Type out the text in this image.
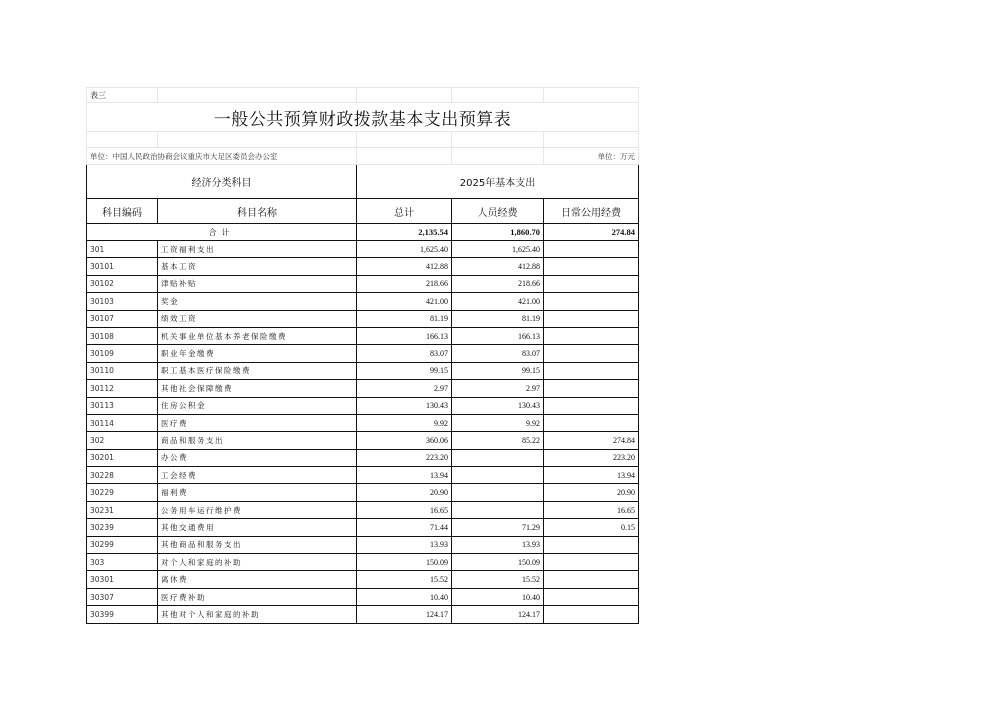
表三				
一般公共预算财政拨款基本支出预算表				

单位：中国人民政治协商会议重庆市大足区委员会办公室				单位：万元
经济分类科目		2025年基本支出		
科目编码	科目名称	总计	人员经费	日常公用经费
合计		2,135.54	1,860.70	274.84
301	工资福利支出	1,625.40	1,625.40	
30101	基本工资	412.88	412.88	
30102	津贴补贴	218.66	218.66	
30103	奖金	421.00	421.00	
30107	绩效工资	81.19	81.19	
30108	机关事业单位基本养老保险缴费	166.13	166.13	
30109	职业年金缴费	83.07	83.07	
30110	职工基本医疗保险缴费	99.15	99.15	
30112	其他社会保障缴费	2.97	2.97	
30113	住房公积金	130.43	130.43	
30114	医疗费	9.92	9.92	
302	商品和服务支出	360.06	85.22	274.84
30201	办公费	223.20		223.20
30228	工会经费	13.94		13.94
30229	福利费	20.90		20.90
30231	公务用车运行维护费	16.65		16.65
30239	其他交通费用	71.44	71.29	0.15
30299	其他商品和服务支出	13.93	13.93	
303	对个人和家庭的补助	150.09	150.09	
30301	离休费	15.52	15.52	
30307	医疗费补助	10.40	10.40	
30399	其他对个人和家庭的补助	124.17	124.17	
